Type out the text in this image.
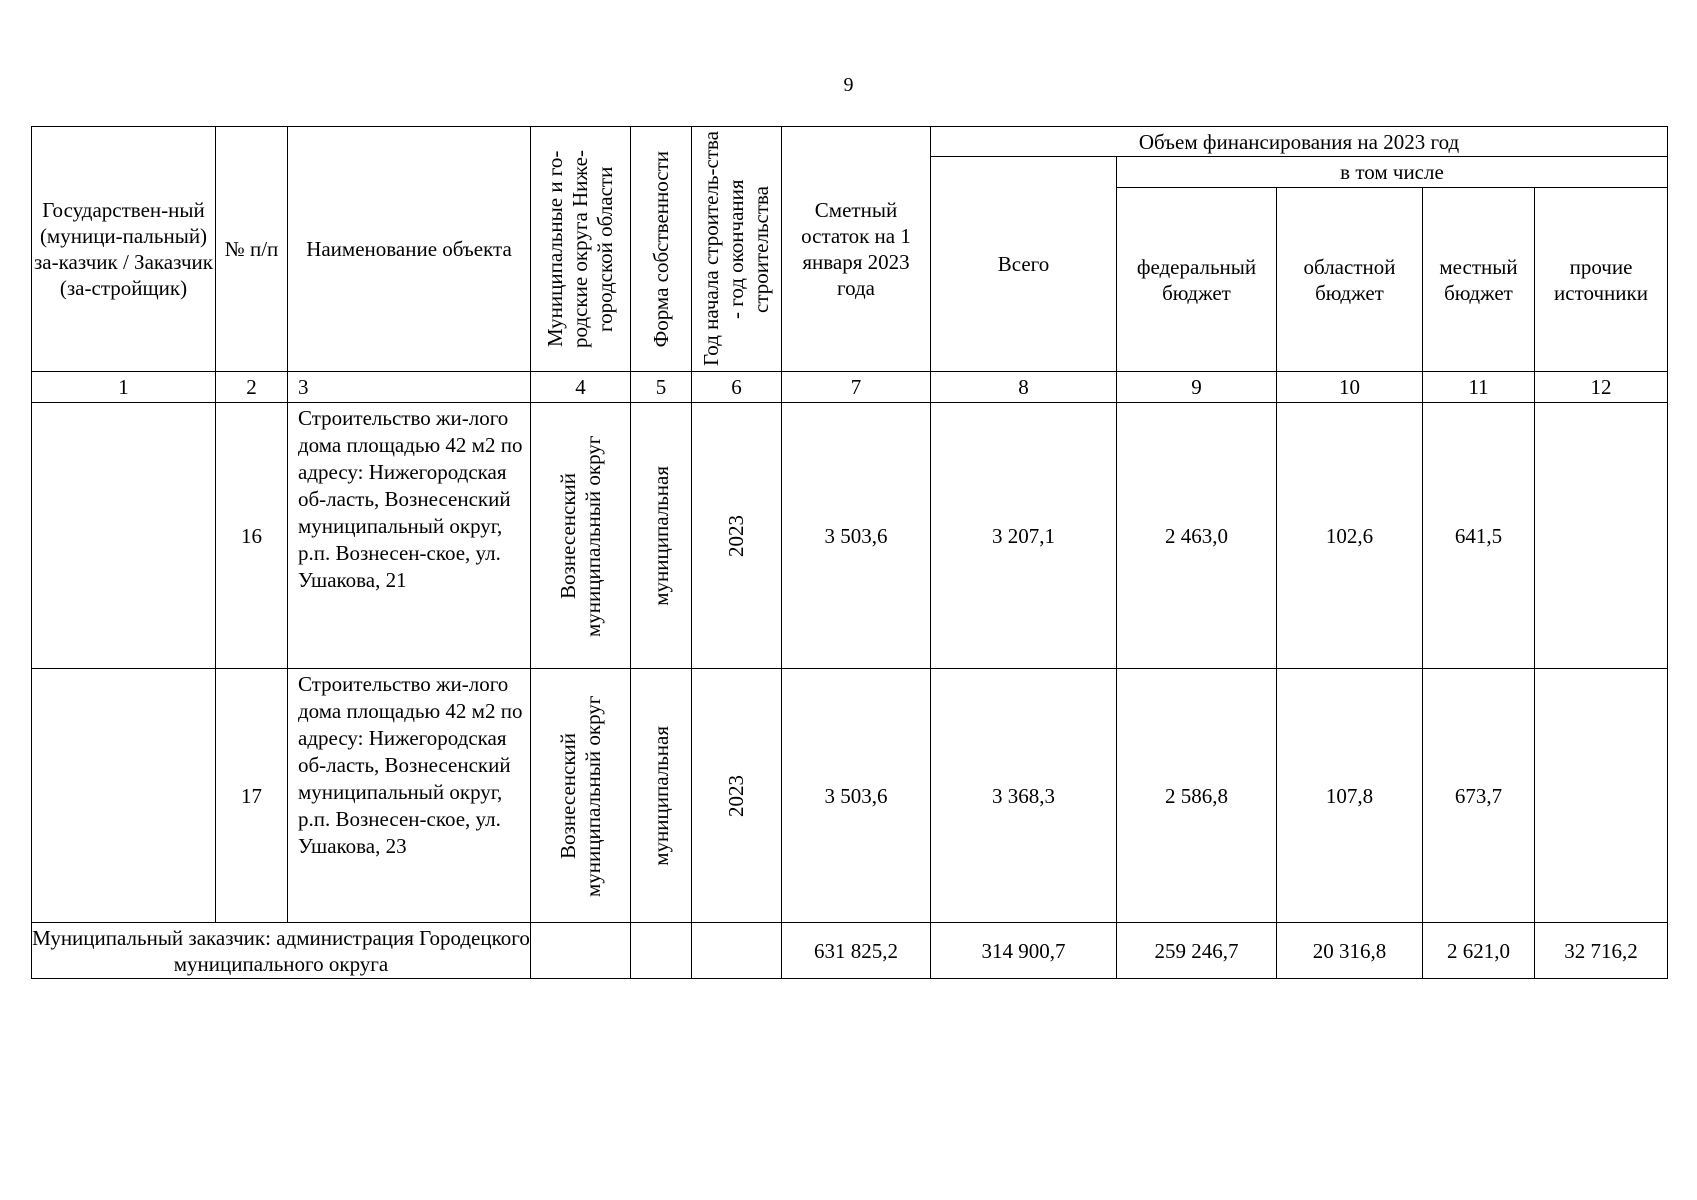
9
Государствен-ный (муници-пальный) за-казчик / Заказчик (за-стройщик)	№ п/п	Наименование объекта	Муниципальные и го-родские округа Ниже-городской области	Форма собственности	Год начала строитель-ства - год окончания строительства	Сметный остаток на 1 января 2023 года	Объем финансирования на 2023 год				
							Всего	в том числе			
								федеральный бюджет	областной бюджет	местный бюджет	прочие источники
1	2	3	4	5	6	7	8	9	10	11	12
	16	Строительство жи-лого дома площадью 42 м2 по адресу: Нижегородская об-ласть, Вознесенский муниципальный округ, р.п. Вознесен-ское, ул. Ушакова, 21	Вознесенский муниципальный округ	муниципальная	2023	3 503,6	3 207,1	2 463,0	102,6	641,5	
	17	Строительство жи-лого дома площадью 42 м2 по адресу: Нижегородская об-ласть, Вознесенский муниципальный округ, р.п. Вознесен-ское, ул. Ушакова, 23	Вознесенский муниципальный округ	муниципальная	2023	3 503,6	3 368,3	2 586,8	107,8	673,7	
Муниципальный заказчик: администрация Городецкого муниципального округа						631 825,2	314 900,7	259 246,7	20 316,8	2 621,0	32 716,2
